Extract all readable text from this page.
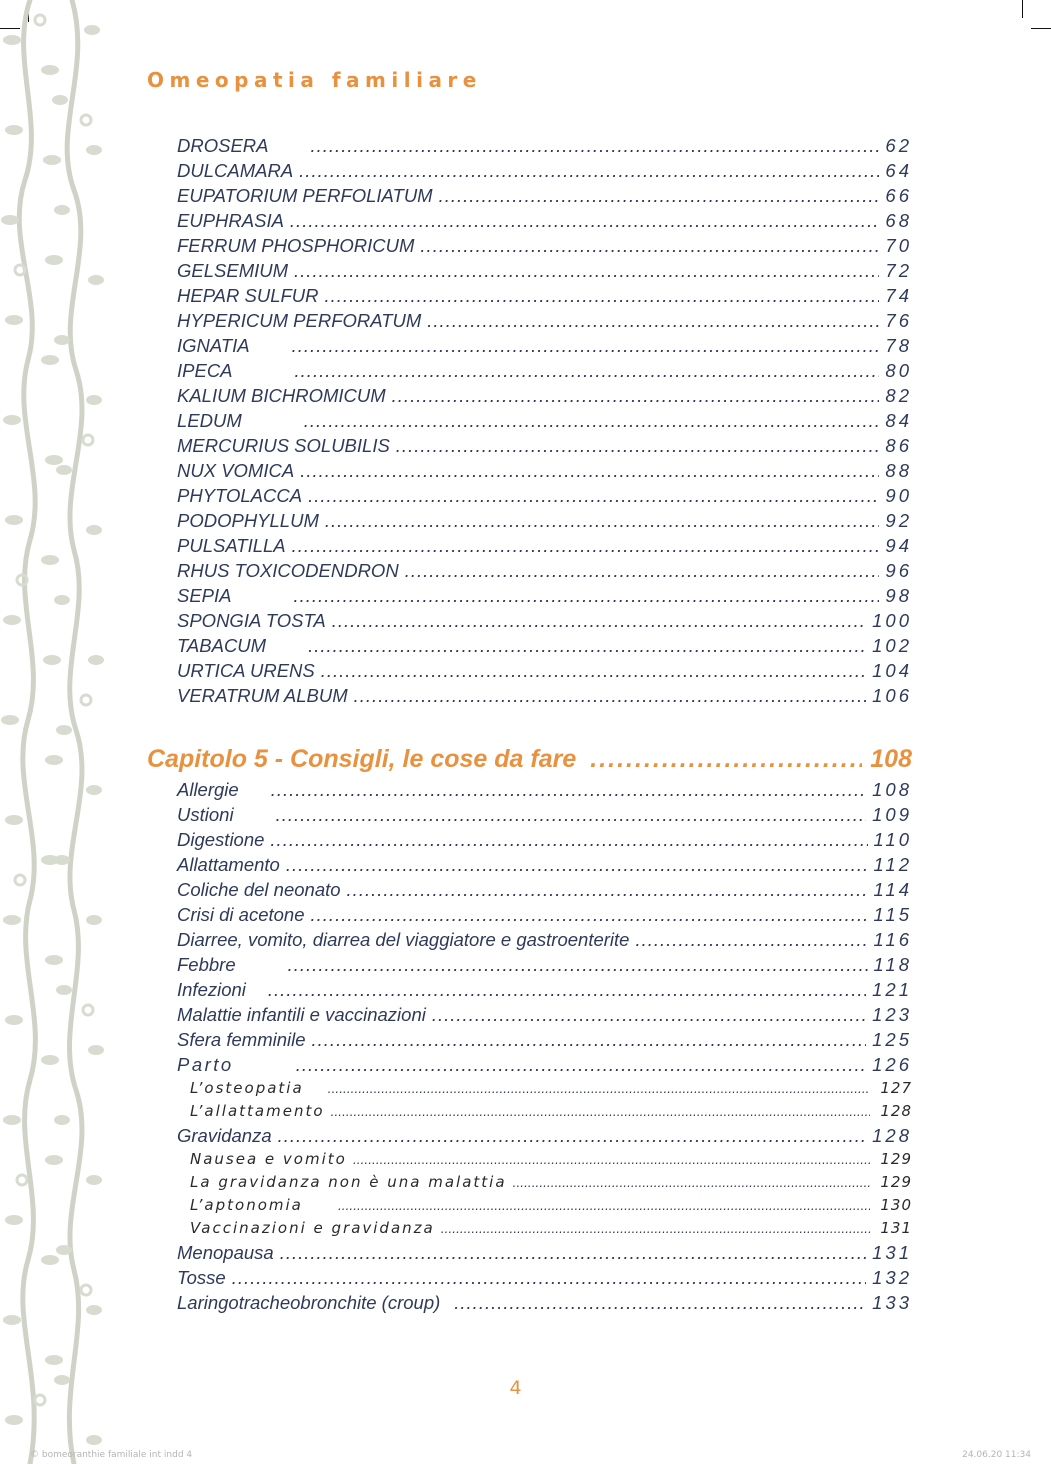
Omeopatia familiare
DROSERA .....	62
DULCAMARA .....	64
EUPATORIUM PERFOLIATUM .....	66
EUPHRASIA .....	68
FERRUM PHOSPHORICUM .....	70
GELSEMIUM .....	72
HEPAR SULFUR .....	74
HYPERICUM PERFORATUM .....	76
IGNATIA .....	78
IPECA .....	80
KALIUM BICHROMICUM .....	82
LEDUM .....	84
MERCURIUS SOLUBILIS .....	86
NUX VOMICA .....	88
PHYTOLACCA .....	90
PODOPHYLLUM .....	92
PULSATILLA .....	94
RHUS TOXICODENDRON .....	96
SEPIA .....	98
SPONGIA TOSTA .....	100
TABACUM .....	102
URTICA URENS .....	104
VERATRUM ALBUM .....	106
Capitolo 5 - Consigli, le cose da fare .....	108
Allergie .....	108
Ustioni .....	109
Digestione .....	110
Allattamento .....	112
Coliche del neonato .....	114
Crisi di acetone .....	115
Diarree, vomito, diarrea del viaggiatore e gastroenterite .....	116
Febbre .....	118
Infezioni .....	121
Malattie infantili e vaccinazioni .....	123
Sfera femminile .....	125
Parto .....	126
L’osteopatia .....	127
L’allattamento .....	128
Gravidanza .....	128
Nausea e vomito .....	129
La gravidanza non è una malattia .....	129
L’aptonomia .....	130
Vaccinazioni e gravidanza .....	131
Menopausa .....	131
Tosse .....	132
Laringotracheobronchite (croup) .....	133
4
© bomeoranthie familiale int indd 4	24.06.20 11:34
